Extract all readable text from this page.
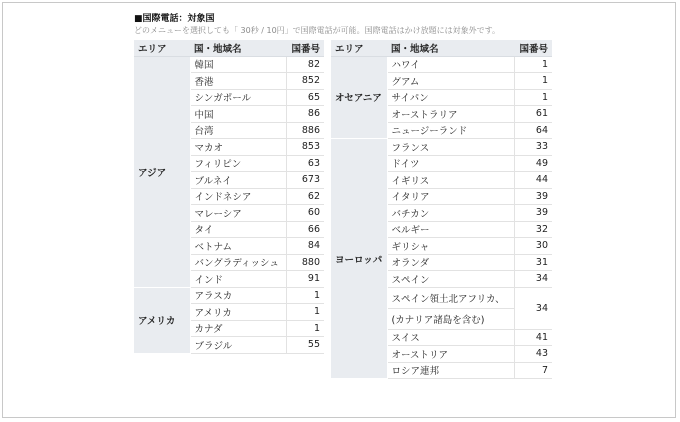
■国際電話：対象国
どのメニューを選択しても「 30秒 / 10円」で国際電話が可能。国際電話はかけ放題には対象外です。
エリア	国・地域名	国番号
アジア	韓国	82
	香港	852
	シンガポール	65
	中国	86
	台湾	886
	マカオ	853
	フィリピン	63
	ブルネイ	673
	インドネシア	62
	マレーシア	60
	タイ	66
	ベトナム	84
	バングラディッシュ	880
	インド	91
アメリカ	アラスカ	1
	アメリカ	1
	カナダ	1
	ブラジル	55
エリア	国・地域名	国番号
オセアニア	ハワイ	1
	グアム	1
	サイパン	1
	オーストラリア	61
	ニュージーランド	64
ヨーロッパ	フランス	33
	ドイツ	49
	イギリス	44
	イタリア	39
	バチカン	39
	ベルギー	32
	ギリシャ	30
	オランダ	31
	スペイン	34
	スペイン領土北アフリカ、	34
	(カナリア諸島を含む)	
	スイス	41
	オーストリア	43
	ロシア連邦	7
